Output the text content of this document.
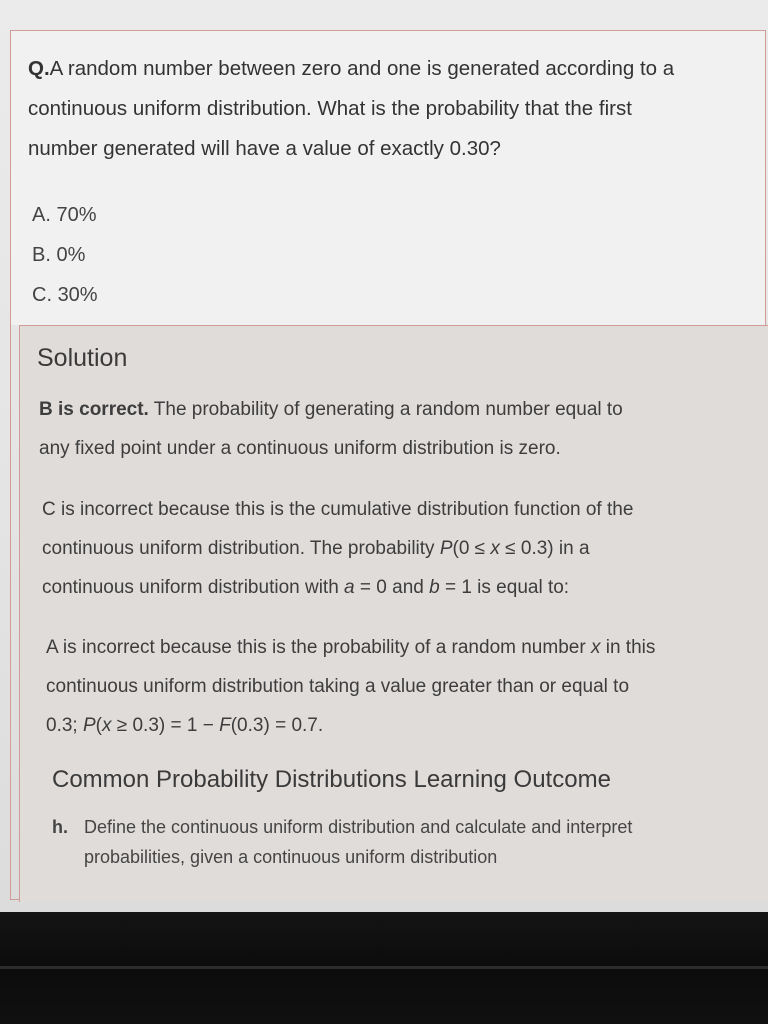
Q.A random number between zero and one is generated according to a
continuous uniform distribution. What is the probability that the first
number generated will have a value of exactly 0.30?
A. 70%
B. 0%
C. 30%
Solution
B is correct. The probability of generating a random number equal to
any fixed point under a continuous uniform distribution is zero.
C is incorrect because this is the cumulative distribution function of the
continuous uniform distribution. The probability P(0 ≤ x ≤ 0.3) in a
continuous uniform distribution with a = 0 and b = 1 is equal to:
A is incorrect because this is the probability of a random number x in this
continuous uniform distribution taking a value greater than or equal to
0.3; P(x ≥ 0.3) = 1 − F(0.3) = 0.7.
Common Probability Distributions Learning Outcome
h. Define the continuous uniform distribution and calculate and interpret
probabilities, given a continuous uniform distribution
